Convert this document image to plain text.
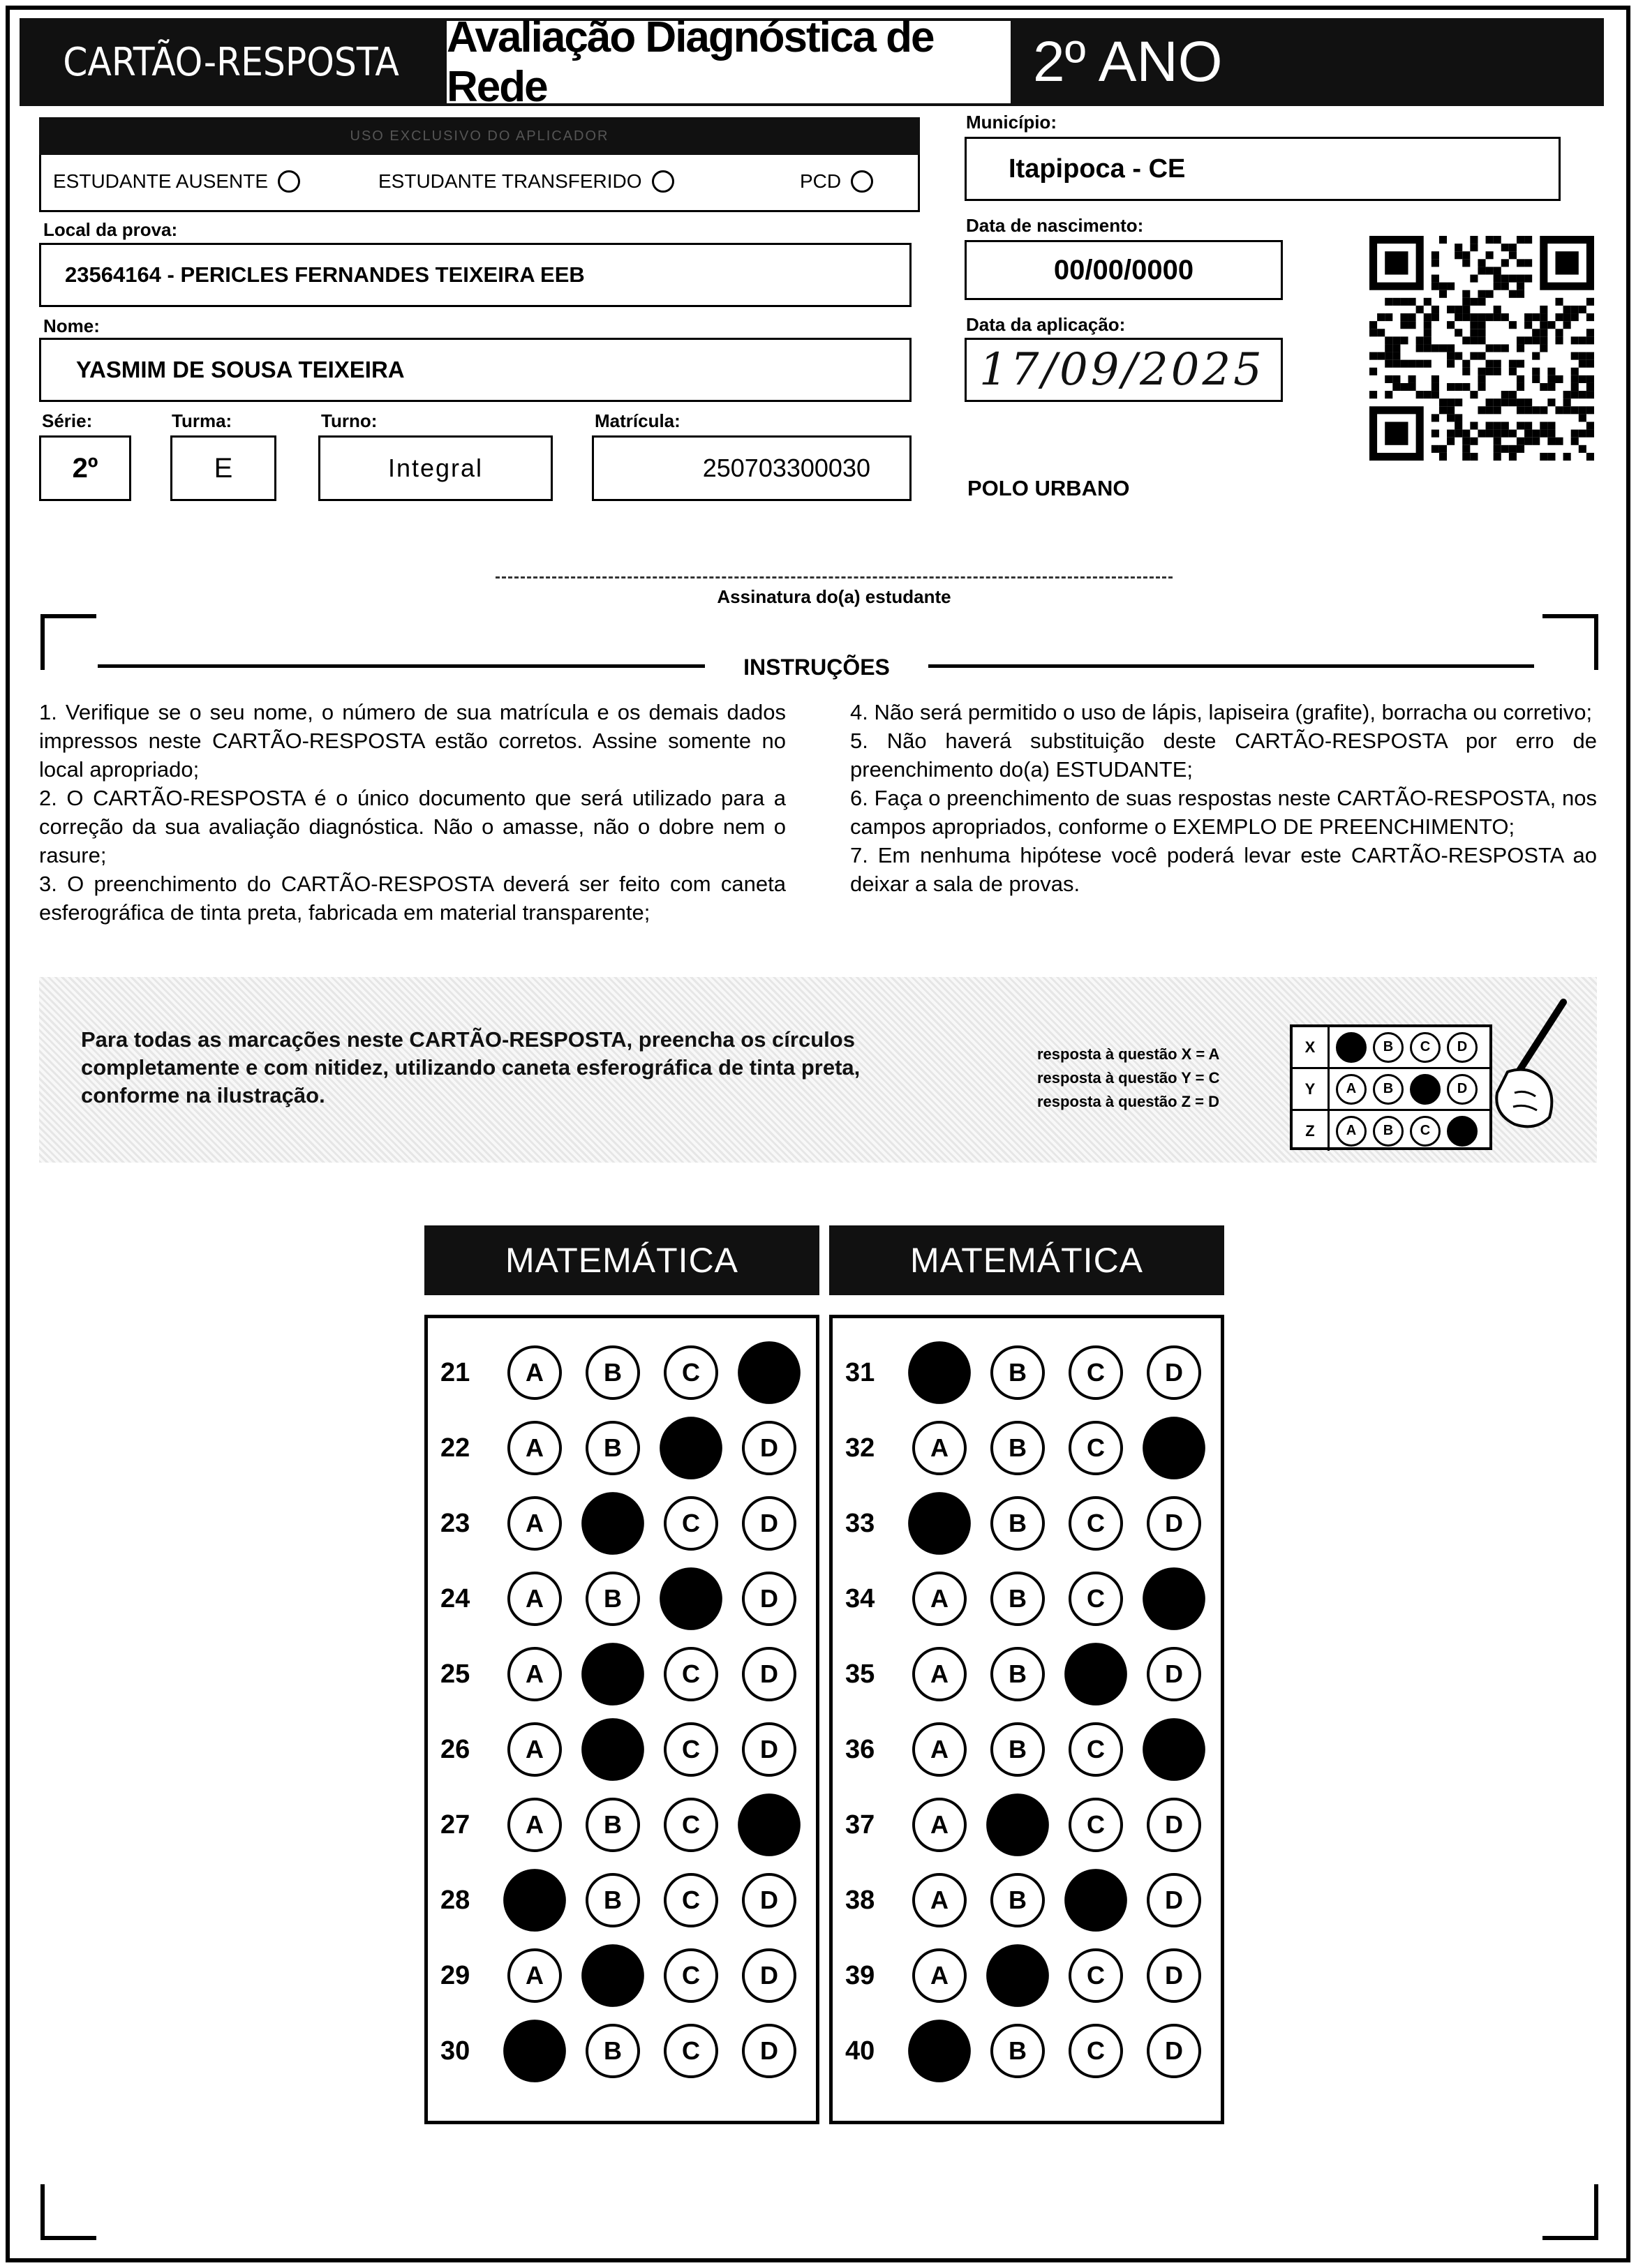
CARTÃO-RESPOSTA
Avaliação Diagnóstica de Rede	2º ANO
USO EXCLUSIVO DO APLICADOR
ESTUDANTE AUSENTE	ESTUDANTE TRANSFERIDO	PCD
Município:
Itapipoca - CE
Local da prova:
23564164 - PERICLES FERNANDES TEIXEIRA EEB
Data de nascimento:
00/00/0000
Nome:
YASMIM DE SOUSA TEIXEIRA
Data da aplicação:
17/09/2025
Série:
2º
Turma:
E
Turno:
Integral
Matrícula:
250703300030
POLO URBANO
Assinatura do(a) estudante
INSTRUÇÕES

1. Verifique se o seu nome, o número de sua matrícula e os demais dados impressos neste CARTÃO-RESPOSTA estão corretos. Assine somente no local apropriado;

2. O CARTÃO-RESPOSTA é o único documento que será utilizado para a correção da sua avaliação diagnóstica. Não o amasse, não o dobre nem o rasure;

3. O preenchimento do CARTÃO-RESPOSTA deverá ser feito com caneta esferográfica de tinta preta, fabricada em material transparente;

4. Não será permitido o uso de lápis, lapiseira (grafite), borracha ou corretivo;

5. Não haverá substituição deste CARTÃO-RESPOSTA por erro de preenchimento do(a) ESTUDANTE;

6. Faça o preenchimento de suas respostas neste CARTÃO-RESPOSTA, nos campos apropriados, conforme o EXEMPLO DE PREENCHIMENTO;

7. Em nenhuma hipótese você poderá levar este CARTÃO-RESPOSTA ao deixar a sala de provas.

Para todas as marcações neste CARTÃO-RESPOSTA, preencha os círculos completamente e com nitidez, utilizando caneta esferográfica de tinta preta, conforme na ilustração.
resposta à questão X = A
resposta à questão Y = C
resposta à questão Z = D
X	A	B	C	D
Y	A	B	C	D
Z	A	B	C	D
MATEMÁTICA	MATEMÁTICA
21	A	B	C	D
22	A	B	C	D
23	A	B	C	D
24	A	B	C	D
25	A	B	C	D
26	A	B	C	D
27	A	B	C	D
28	A	B	C	D
29	A	B	C	D
30	A	B	C	D
31	A	B	C	D
32	A	B	C	D
33	A	B	C	D
34	A	B	C	D
35	A	B	C	D
36	A	B	C	D
37	A	B	C	D
38	A	B	C	D
39	A	B	C	D
40	A	B	C	D
